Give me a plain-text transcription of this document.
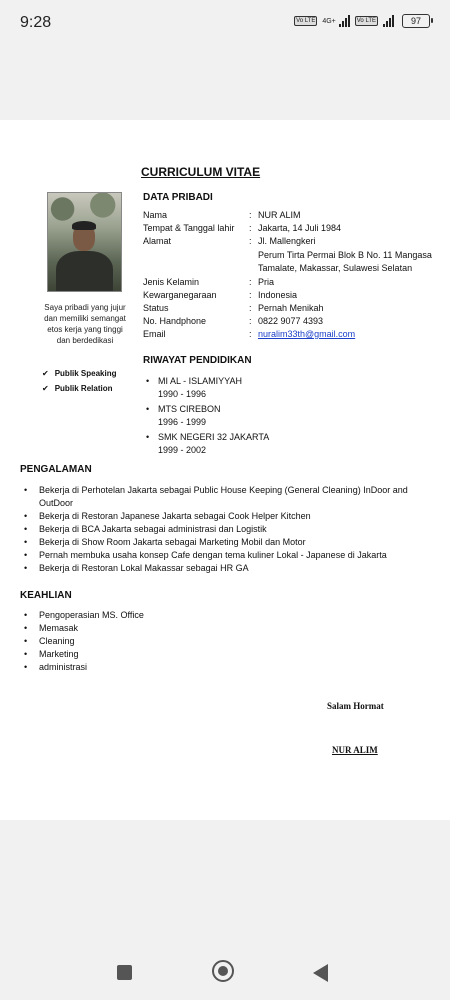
9:28	Vo LTE 4G+	Vo LTE	97
CURRICULUM VITAE
Saya pribadi yang jujur dan memiliki semangat etos kerja yang tinggi dan berdedikasi
✔ Publik Speaking
✔ Publik Relation
DATA PRIBADI
Nama	: NUR ALIM
Tempat & Tanggal lahir	: Jakarta, 14 Juli 1984
Alamat	: Jl. Mallengkeri
Perum Tirta Permai Blok B No. 11 Mangasa
Tamalate, Makassar, Sulawesi Selatan
Jenis Kelamin	: Pria
Kewarganegaraan	: Indonesia
Status	: Pernah Menikah
No. Handphone	: 0822 9077 4393
Email	: nuralim33th@gmail.com
RIWAYAT PENDIDIKAN
• MI AL - ISLAMIYYAH
1990 - 1996
• MTS CIREBON
1996 - 1999
• SMK NEGERI 32 JAKARTA
1999 - 2002
PENGALAMAN
•	Bekerja di Perhotelan Jakarta sebagai Public House Keeping (General Cleaning) InDoor and OutDoor
•	Bekerja di Restoran Japanese Jakarta sebagai Cook Helper Kitchen
•	Bekerja di BCA Jakarta sebagai administrasi dan Logistik
•	Bekerja di Show Room Jakarta sebagai Marketing Mobil dan Motor
•	Pernah membuka usaha konsep Cafe dengan tema kuliner Lokal - Japanese di Jakarta
•	Bekerja di Restoran Lokal Makassar sebagai HR GA
KEAHLIAN
•	Pengoperasian MS. Office
•	Memasak
•	Cleaning
•	Marketing
•	administrasi
Salam Hormat
NUR ALIM
